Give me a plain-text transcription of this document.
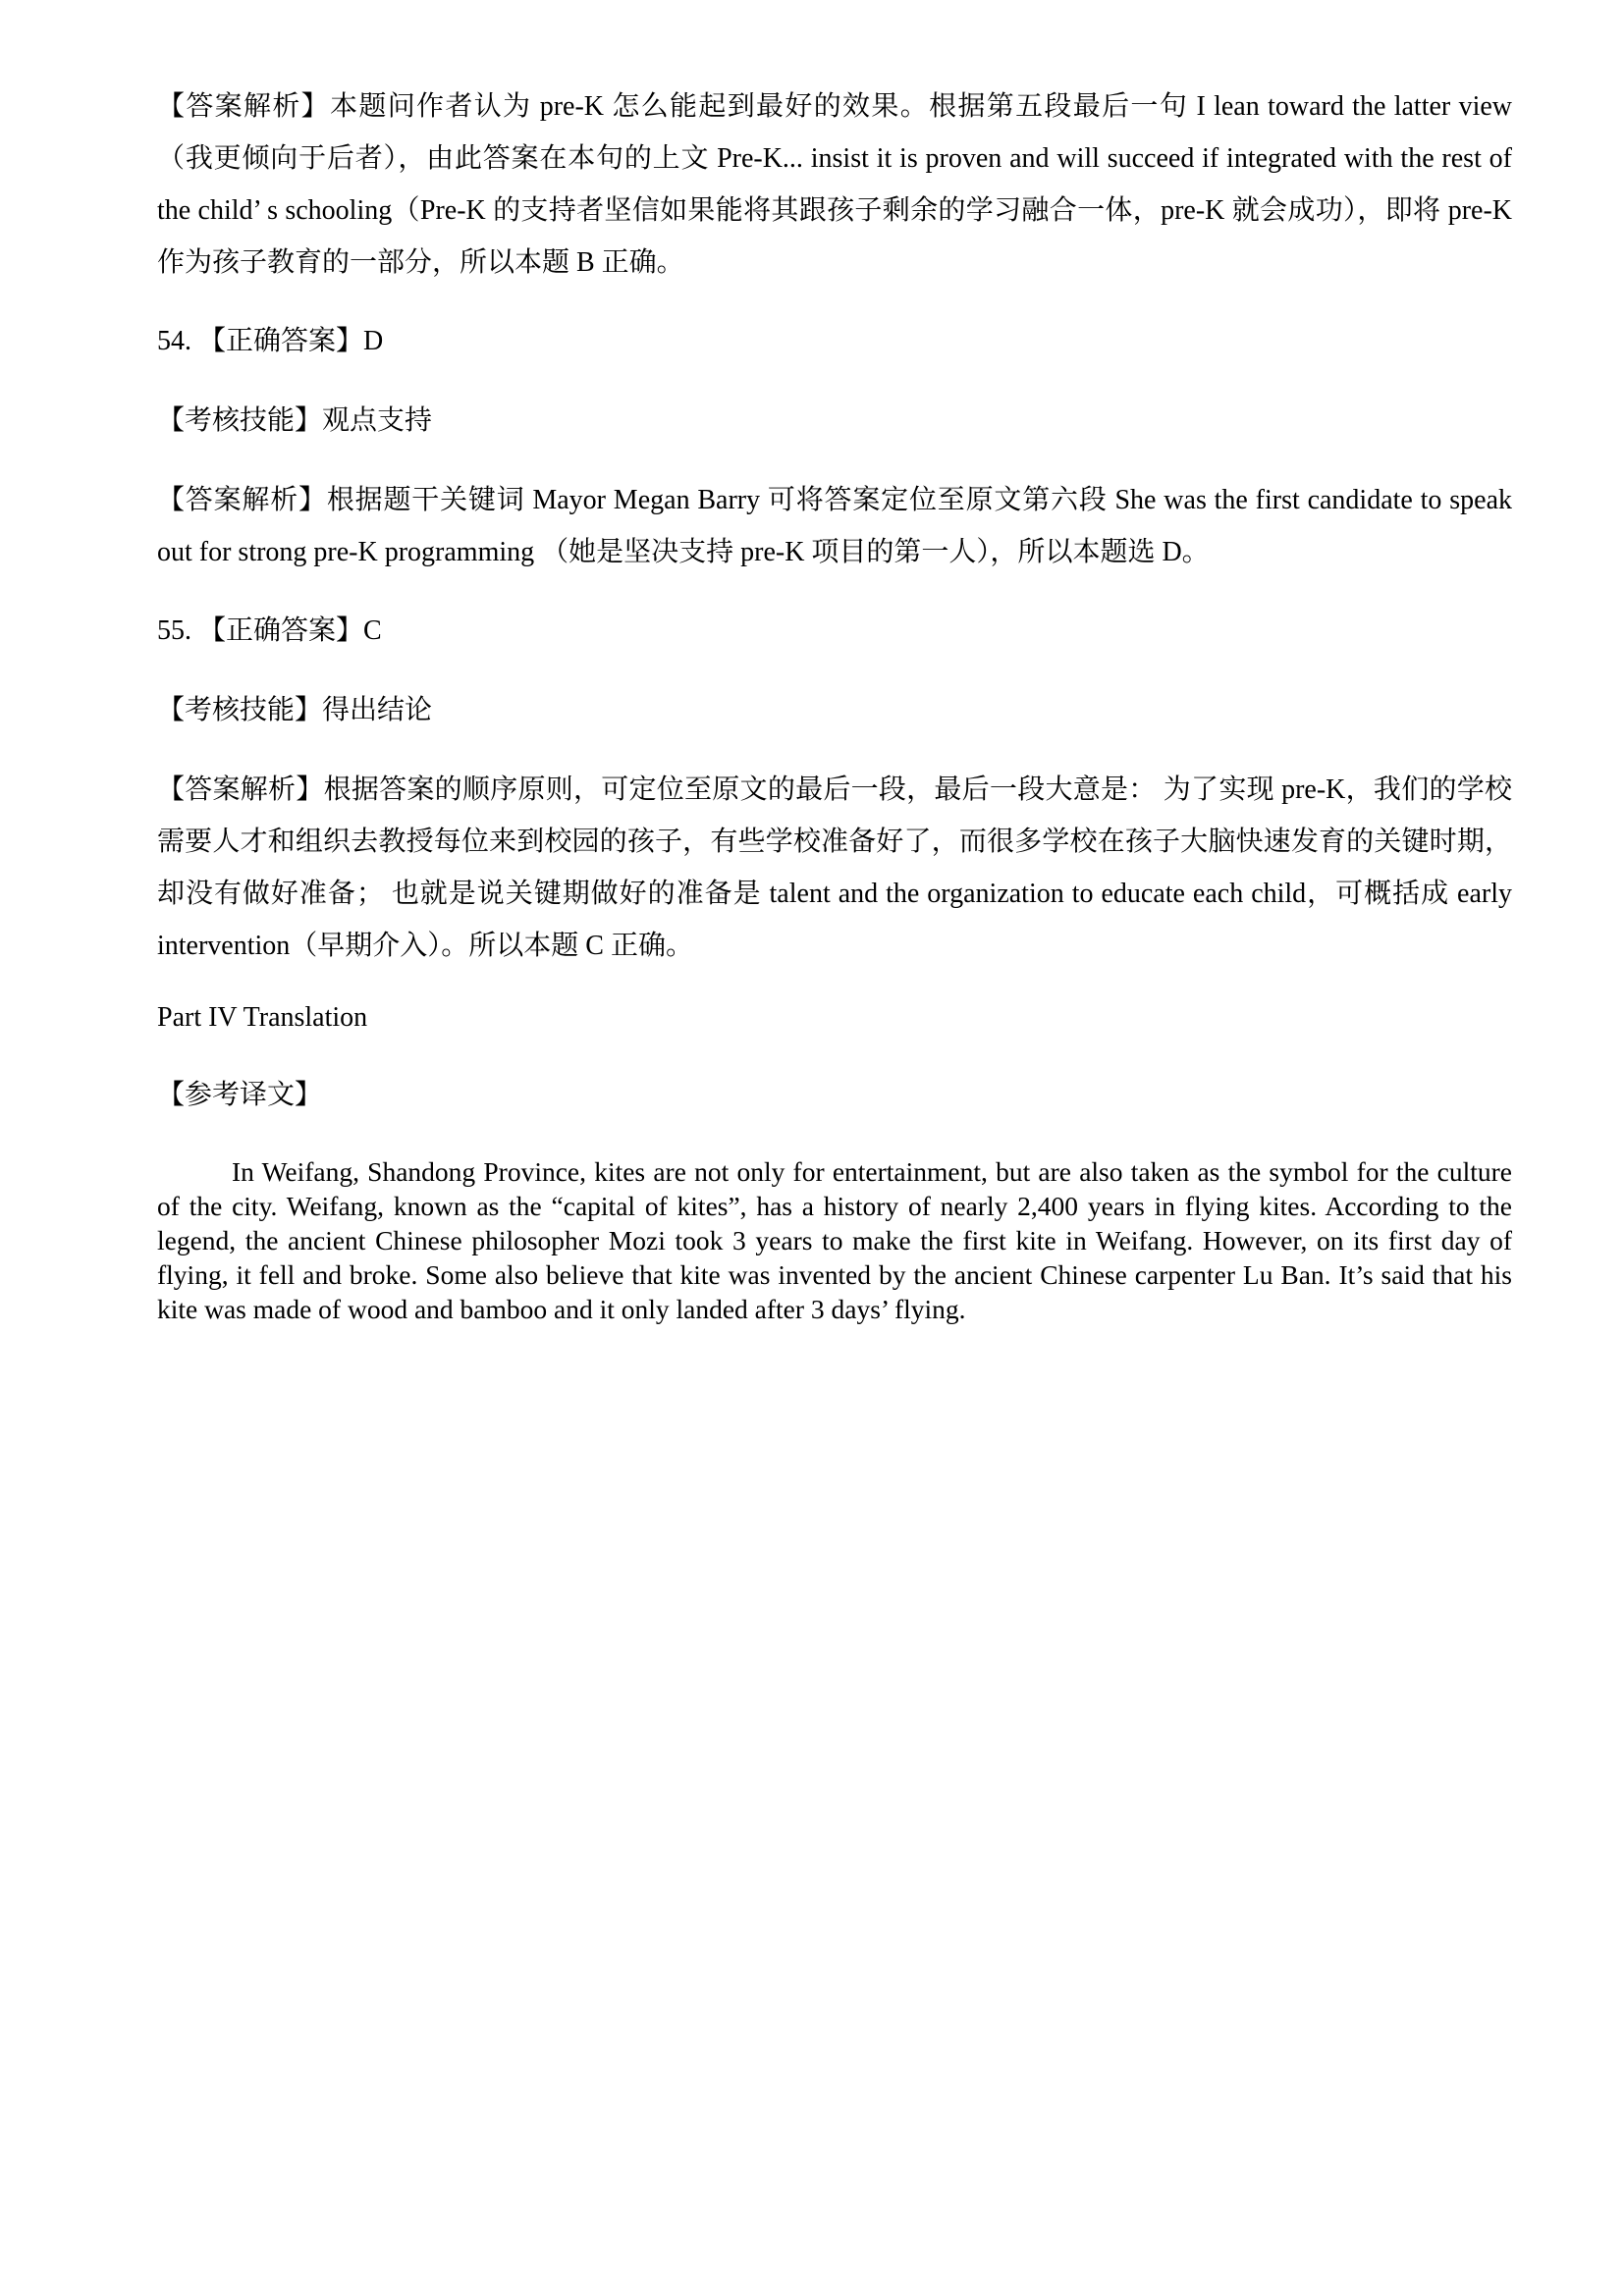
【答案解析】本题问作者认为 pre-K 怎么能起到最好的效果。根据第五段最后一句 I lean toward the latter view（我更倾向于后者），由此答案在本句的上文 Pre-K... insist it is proven and will succeed if integrated with the rest of the child’ s schooling（Pre-K 的支持者坚信如果能将其跟孩子剩余的学习融合一体，pre-K 就会成功），即将 pre-K 作为孩子教育的一部分，所以本题 B 正确。

54. 【正确答案】D

【考核技能】观点支持

【答案解析】根据题干关键词 Mayor Megan Barry 可将答案定位至原文第六段 She was the first candidate to speak out for strong pre-K programming （她是坚决支持 pre-K 项目的第一人），所以本题选 D。

55. 【正确答案】C

【考核技能】得出结论

【答案解析】根据答案的顺序原则，可定位至原文的最后一段，最后一段大意是： 为了实现 pre-K，我们的学校需要人才和组织去教授每位来到校园的孩子，有些学校准备好了，而很多学校在孩子大脑快速发育的关键时期，却没有做好准备； 也就是说关键期做好的准备是 talent and the organization to educate each child，可概括成 early intervention（早期介入）。所以本题 C 正确。

Part IV Translation

【参考译文】

In Weifang, Shandong Province, kites are not only for entertainment, but are also taken as the symbol for the culture of the city. Weifang, known as the “capital of kites”, has a history of nearly 2,400 years in flying kites. According to the legend, the ancient Chinese philosopher Mozi took 3 years to make the first kite in Weifang. However, on its first day of flying, it fell and broke. Some also believe that kite was invented by the ancient Chinese carpenter Lu Ban. It’s said that his kite was made of wood and bamboo and it only landed after 3 days’ flying.
